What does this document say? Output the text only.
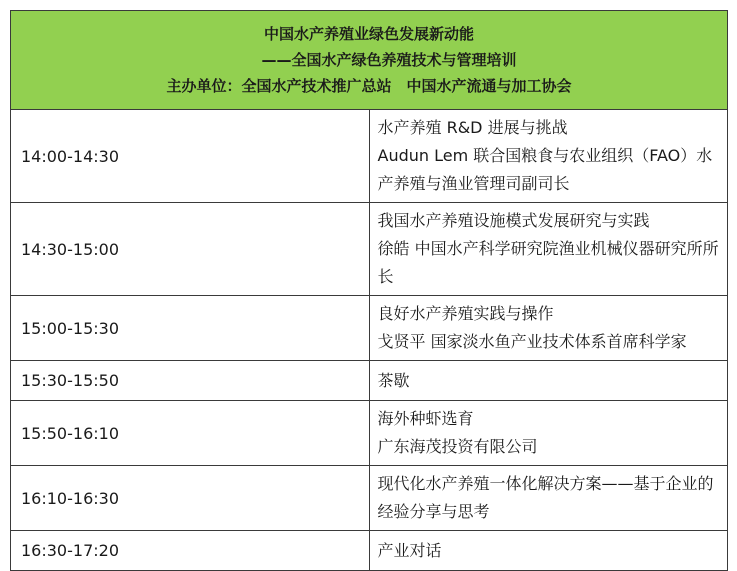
中国水产养殖业绿色发展新动能
——全国水产绿色养殖技术与管理培训
主办单位：全国水产技术推广总站　中国水产流通与加工协会	

14:00-14:30	水产养殖 R&D 进展与挑战
Audun Lem 联合国粮食与农业组织（FAO）水产养殖与渔业管理司副司长

14:30-15:00	我国水产养殖设施模式发展研究与实践
徐皓 中国水产科学研究院渔业机械仪器研究所所长

15:00-15:30	良好水产养殖实践与操作
戈贤平 国家淡水鱼产业技术体系首席科学家

15:30-15:50	茶歇

15:50-16:10	海外种虾选育
广东海茂投资有限公司

16:10-16:30	现代化水产养殖一体化解决方案——基于企业的经验分享与思考

16:30-17:20	产业对话
